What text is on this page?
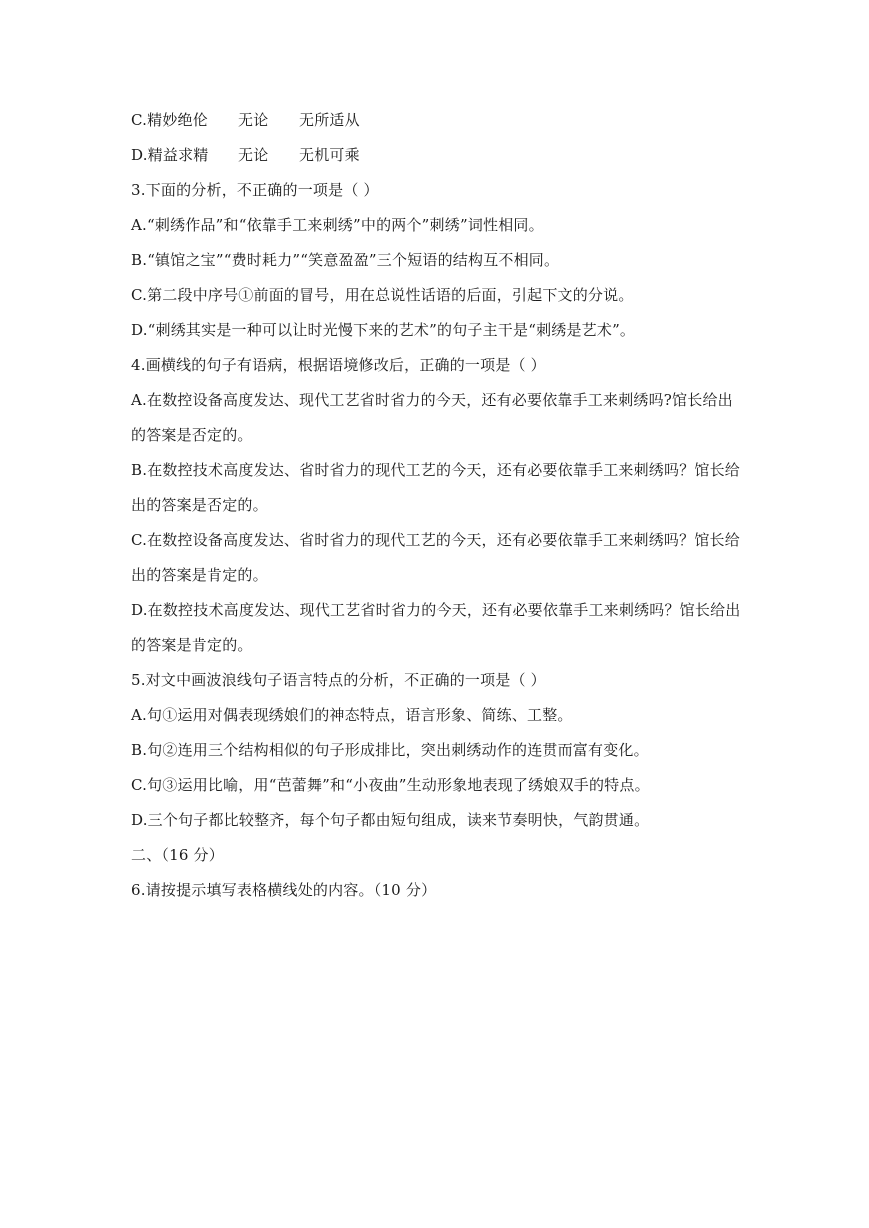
C.精妙绝伦	无论	无所适从
D.精益求精	无论	无机可乘
3.下面的分析，不正确的一项是（ ）
A.“刺绣作品”和“依靠手工来刺绣”中的两个”刺绣”词性相同。
B.“镇馆之宝”“费时耗力”“笑意盈盈”三个短语的结构互不相同。
C.第二段中序号①前面的冒号，用在总说性话语的后面，引起下文的分说。
D.“刺绣其实是一种可以让时光慢下来的艺术”的句子主干是“刺绣是艺术”。
4.画横线的句子有语病，根据语境修改后，正确的一项是（ ）
A.在数控设备高度发达、现代工艺省时省力的今天，还有必要依靠手工来刺绣吗?馆长给出
的答案是否定的。
B.在数控技术高度发达、省时省力的现代工艺的今天，还有必要依靠手工来刺绣吗？馆长给
出的答案是否定的。
C.在数控设备高度发达、省时省力的现代工艺的今天，还有必要依靠手工来刺绣吗？馆长给
出的答案是肯定的。
D.在数控技术高度发达、现代工艺省时省力的今天，还有必要依靠手工来刺绣吗？馆长给出
的答案是肯定的。
5.对文中画波浪线句子语言特点的分析，不正确的一项是（ ）
A.句①运用对偶表现绣娘们的神态特点，语言形象、简练、工整。
B.句②连用三个结构相似的句子形成排比，突出刺绣动作的连贯而富有变化。
C.句③运用比喻，用“芭蕾舞”和“小夜曲”生动形象地表现了绣娘双手的特点。
D.三个句子都比较整齐，每个句子都由短句组成，读来节奏明快，气韵贯通。
二、（16 分）
6.请按提示填写表格横线处的内容。（10 分）
